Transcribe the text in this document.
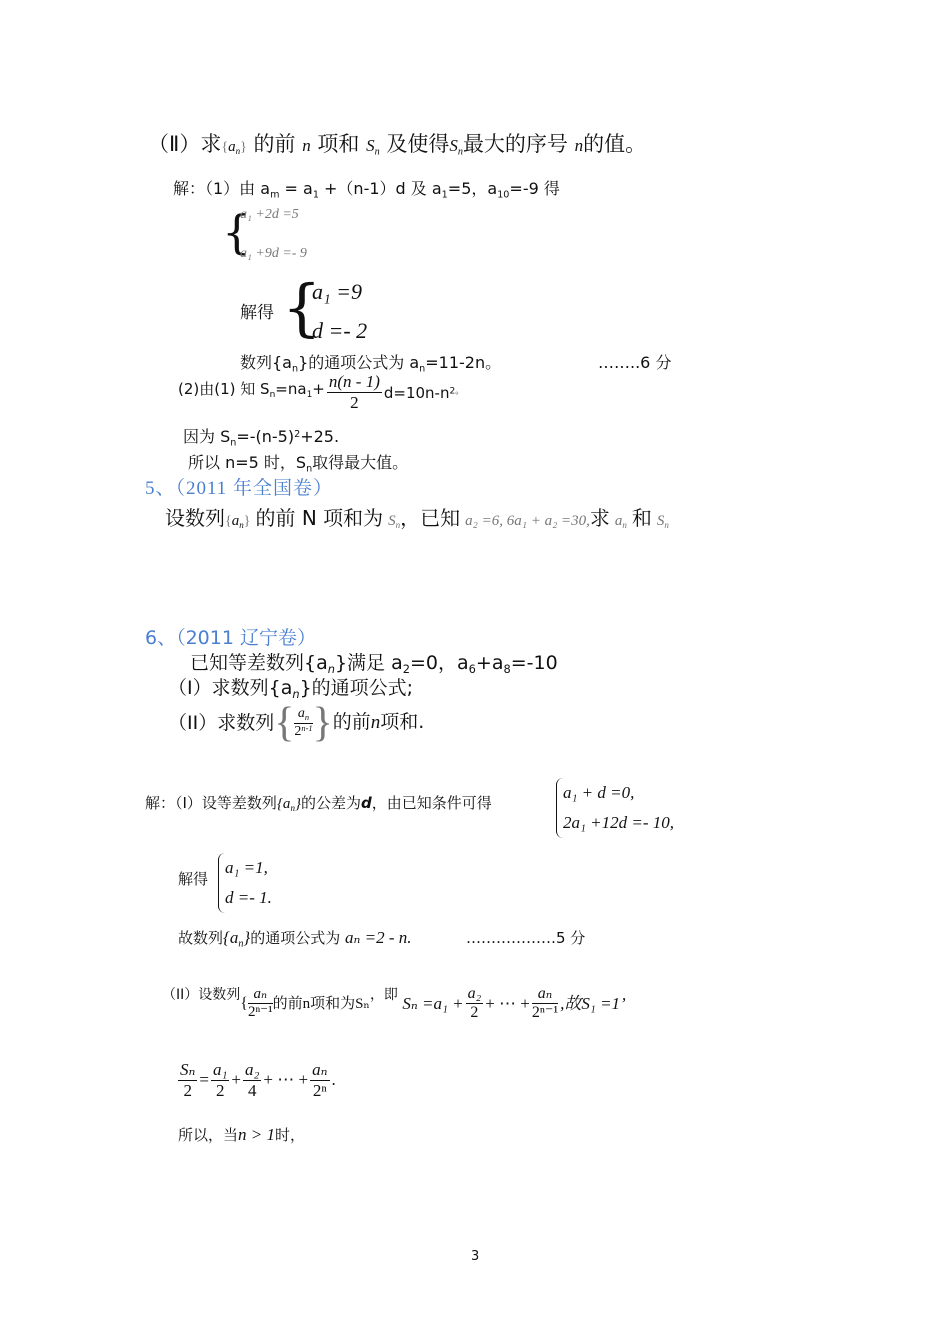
（Ⅱ）求$\{a_n\}$ 的前 n 项和 $S_n$ 及使得$S_n$最大的序号 n的值。
解：（1）由 $a_m = a_1 +(n-1)d$ 及 $a_1=5$，$a_{10}=-9$ 得
{
a₁ +2d =5
a₁ +9d =- 9
解得 {
a₁ =9
d =- 2
数列$\{a_n\}$的通项公式为 $a_n=11-2n$。	……..6 分
(2)由(1) 知 $S_n=na_1+ \frac{n(n - 1)}{2} d=10n-n^{2。}$
因为 $S_n=-(n-5)^2+25$.
所以 n=5 时，$S_n$取得最大值。
5、（2011 年全国卷）
设数列$\{a_n\}$ 的前 N 项和为 $S_n$，已知 a₂ =6, 6a₁ + a₂ =30,求 $a_n$ 和 $S_n$
6、（2011 辽宁卷）
已知等差数列$\{a_n\}$满足 $a_2=0$，$a_6+a_8=-10$
（I）求数列$\{a_n\}$的通项公式;
（II）求数列{ $\frac{a_n}{2^{n-1}}$ }的前n项和.
解：（I）设等差数列$\{a_n\}$的公差为d，由已知条件可得
a₁ + d =0,
2a₁ +12d =- 10,
解得
a₁ =1,
d =- 1.
故数列$\{a_n\}$的通项公式为 aₙ =2 - n.	………………5 分
（II）设数列{ $\frac{\text{aₙ}}{\text{2ⁿ⁻¹}}$ 的前n项和为Sₙ，即 $S_n =a_1 + \frac{\text{a₂}}{2}$ + ⋯ + $\frac{\text{aₙ}}{\text{2ⁿ⁻¹}}$ ,故S₁ =1’
$\frac{\text{Sₙ}}{2} = \frac{\text{a₁}}{2} + \frac{\text{a₂}}{4}$ + ⋯ + $\frac{\text{aₙ}}{\text{2ⁿ}}$ .
所以，当n > 1时，
3
